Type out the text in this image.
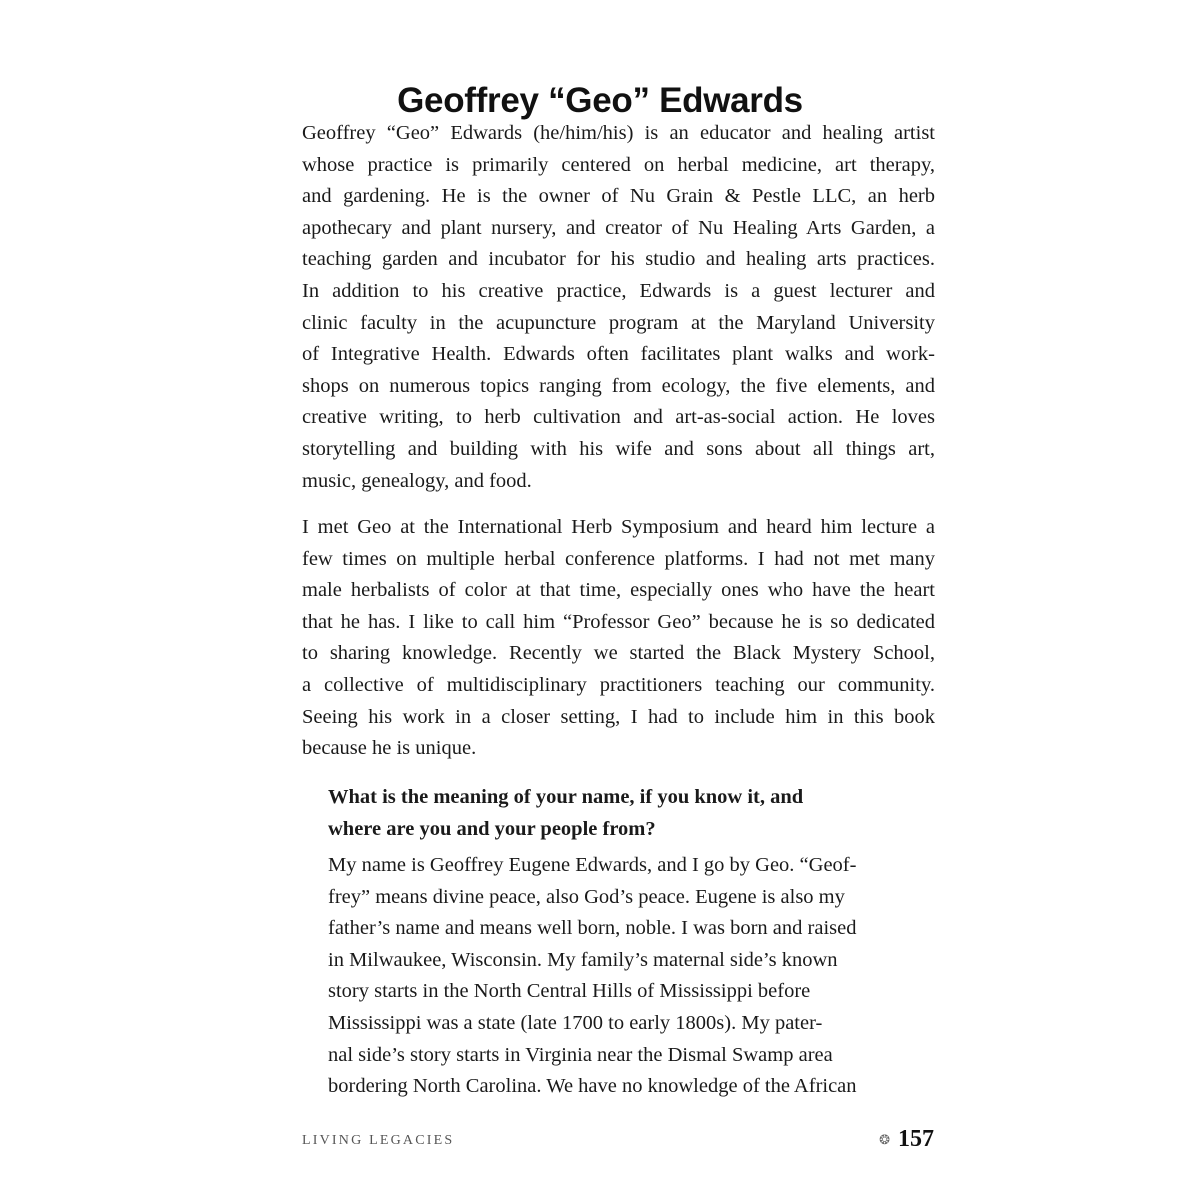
Geoffrey “Geo” Edwards
Geoffrey “Geo” Edwards (he/him/his) is an educator and healing artist
whose practice is primarily centered on herbal medicine, art therapy,
and gardening. He is the owner of Nu Grain & Pestle LLC, an herb
apothecary and plant nursery, and creator of Nu Healing Arts Garden, a
teaching garden and incubator for his studio and healing arts practices.
In addition to his creative practice, Edwards is a guest lecturer and
clinic faculty in the acupuncture program at the Maryland University
of Integrative Health. Edwards often facilitates plant walks and work-
shops on numerous topics ranging from ecology, the five elements, and
creative writing, to herb cultivation and art-as-social action. He loves
storytelling and building with his wife and sons about all things art,
music, genealogy, and food.
I met Geo at the International Herb Symposium and heard him lecture a
few times on multiple herbal conference platforms. I had not met many
male herbalists of color at that time, especially ones who have the heart
that he has. I like to call him “Professor Geo” because he is so dedicated
to sharing knowledge. Recently we started the Black Mystery School,
a collective of multidisciplinary practitioners teaching our community.
Seeing his work in a closer setting, I had to include him in this book
because he is unique.
What is the meaning of your name, if you know it, and
where are you and your people from?
My name is Geoffrey Eugene Edwards, and I go by Geo. “Geof-
frey” means divine peace, also God’s peace. Eugene is also my
father’s name and means well born, noble. I was born and raised
in Milwaukee, Wisconsin. My family’s maternal side’s known
story starts in the North Central Hills of Mississippi before
Mississippi was a state (late 1700 to early 1800s). My pater-
nal side’s story starts in Virginia near the Dismal Swamp area
bordering North Carolina. We have no knowledge of the African
LIVING LEGACIES	❂ 157
